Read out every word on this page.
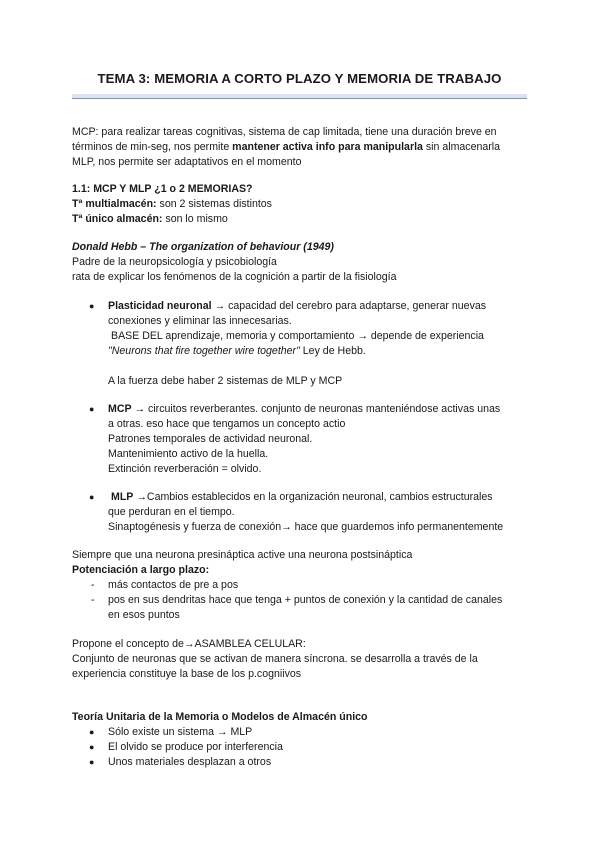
TEMA 3: MEMORIA A CORTO PLAZO Y MEMORIA DE TRABAJO

MCP: para realizar tareas cognitivas, sistema de cap limitada, tiene una duración breve en

términos de min-seg, nos permite mantener activa info para manipularla sin almacenarla

MLP, nos permite ser adaptativos en el momento

1.1: MCP Y MLP ¿1 o 2 MEMORIAS?

Tª multialmacén: son 2 sistemas distintos

Tª único almacén: son lo mismo

Donald Hebb – The organization of behaviour (1949)

Padre de la neuropsicología y psicobiología

rata de explicar los fenómenos de la cognición a partir de la fisiología

● Plasticidad neuronal → capacidad del cerebro para adaptarse, generar nuevas

conexiones y eliminar las innecesarias.

BASE DEL aprendizaje, memoria y comportamiento → depende de experiencia

"Neurons that fire together wire together" Ley de Hebb.

A la fuerza debe haber 2 sistemas de MLP y MCP

● MCP → circuitos reverberantes. conjunto de neuronas manteniéndose activas unas

a otras. eso hace que tengamos un concepto actio

Patrones temporales de actividad neuronal.

Mantenimiento activo de la huella.

Extinción reverberación = olvido.

● MLP →Cambios establecidos en la organización neuronal, cambios estructurales

que perduran en el tiempo.

Sinaptogénesis y fuerza de conexión→ hace que guardemos info permanentemente

Siempre que una neurona presináptica active una neurona postsináptica

Potenciación a largo plazo:

- más contactos de pre a pos

- pos en sus dendritas hace que tenga + puntos de conexión y la cantidad de canales

en esos puntos

Propone el concepto de→ASAMBLEA CELULAR:

Conjunto de neuronas que se activan de manera síncrona. se desarrolla a través de la

experiencia constituye la base de los p.cogniivos

Teoría Unitaria de la Memoria o Modelos de Almacén único

● Sólo existe un sistema → MLP

● El olvido se produce por interferencia

● Unos materiales desplazan a otros
